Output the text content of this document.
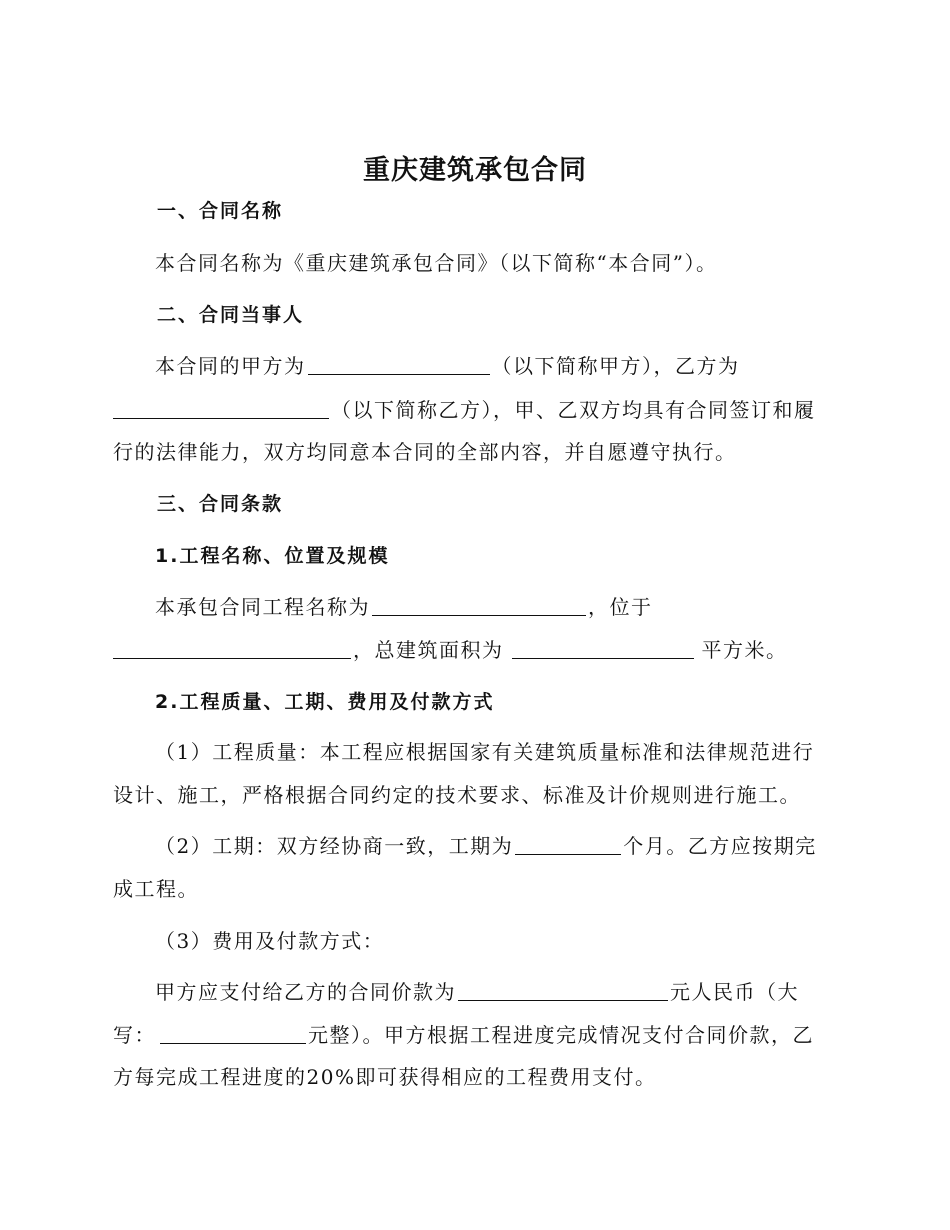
重庆建筑承包合同
一、合同名称
本合同名称为《重庆建筑承包合同》（以下简称“本合同”）。
二、合同当事人
本合同的甲方为	（以下简称甲方），乙方为
（以下简称乙方），甲、乙双方均具有合同签订和履
行的法律能力，双方均同意本合同的全部内容，并自愿遵守执行。
三、合同条款
1.工程名称、位置及规模
本承包合同工程名称为	，位于
，总建筑面积为	平方米。
2.工程质量、工期、费用及付款方式
（1）工程质量：本工程应根据国家有关建筑质量标准和法律规范进行
设计、施工，严格根据合同约定的技术要求、标准及计价规则进行施工。
（2）工期：双方经协商一致，工期为	个月。乙方应按期完
成工程。
（3）费用及付款方式：
甲方应支付给乙方的合同价款为	元人民币（大
写：	元整）。甲方根据工程进度完成情况支付合同价款，乙
方每完成工程进度的20%即可获得相应的工程费用支付。
